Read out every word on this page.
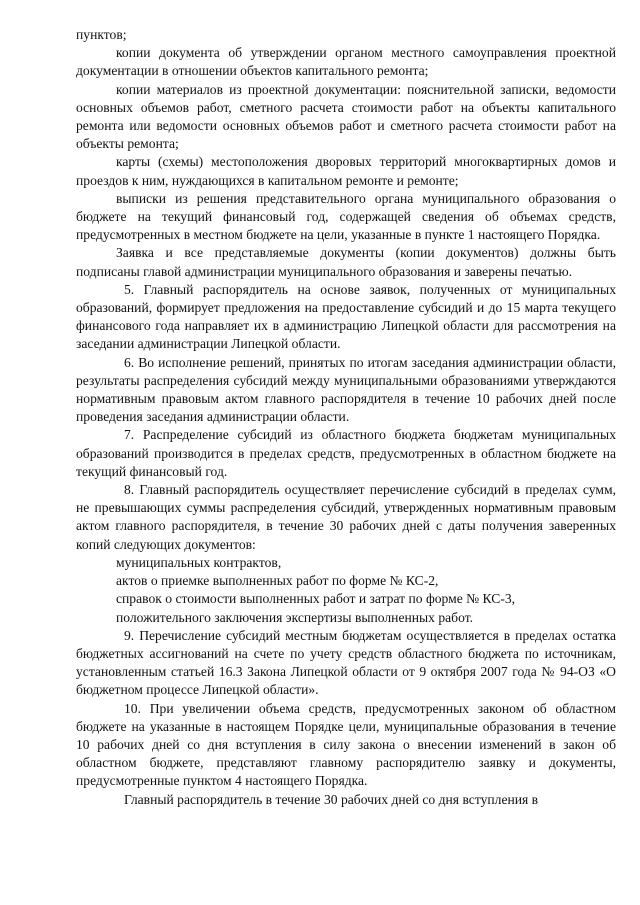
пунктов;

копии документа об утверждении органом местного самоуправления проектной документации в отношении объектов капитального ремонта;

копии материалов из проектной документации: пояснительной записки, ведомости основных объемов работ, сметного расчета стоимости работ на объекты капитального ремонта или ведомости основных объемов работ и сметного расчета стоимости работ на объекты ремонта;

карты (схемы) местоположения дворовых территорий многоквартирных домов и проездов к ним, нуждающихся в капитальном ремонте и ремонте;

выписки из решения представительного органа муниципального образования о бюджете на текущий финансовый год, содержащей сведения об объемах средств, предусмотренных в местном бюджете на цели, указанные в пункте 1 настоящего Порядка.

Заявка и все представляемые документы (копии документов) должны быть подписаны главой администрации муниципального образования и заверены печатью.

5. Главный распорядитель на основе заявок, полученных от муниципальных образований, формирует предложения на предоставление субсидий и до 15 марта текущего финансового года направляет их в администрацию Липецкой области для рассмотрения на заседании администрации Липецкой области.

6. Во исполнение решений, принятых по итогам заседания администрации области, результаты распределения субсидий между муниципальными образованиями утверждаются нормативным правовым актом главного распорядителя в течение 10 рабочих дней после проведения заседания администрации области.

7. Распределение субсидий из областного бюджета бюджетам муниципальных образований производится в пределах средств, предусмотренных в областном бюджете на текущий финансовый год.

8. Главный распорядитель осуществляет перечисление субсидий в пределах сумм, не превышающих суммы распределения субсидий, утвержденных нормативным правовым актом главного распорядителя, в течение 30 рабочих дней с даты получения заверенных копий следующих документов:

муниципальных контрактов,

актов о приемке выполненных работ по форме № КС-2,

справок о стоимости выполненных работ и затрат по форме № КС-3,

положительного заключения экспертизы выполненных работ.

9. Перечисление субсидий местным бюджетам осуществляется в пределах остатка бюджетных ассигнований на счете по учету средств областного бюджета по источникам, установленным статьей 16.3 Закона Липецкой области от 9 октября 2007 года № 94-ОЗ «О бюджетном процессе Липецкой области».

10. При увеличении объема средств, предусмотренных законом об областном бюджете на указанные в настоящем Порядке цели, муниципальные образования в течение 10 рабочих дней со дня вступления в силу закона о внесении изменений в закон об областном бюджете, представляют главному распорядителю заявку и документы, предусмотренные пунктом 4 настоящего Порядка.

Главный распорядитель в течение 30 рабочих дней со дня вступления в
